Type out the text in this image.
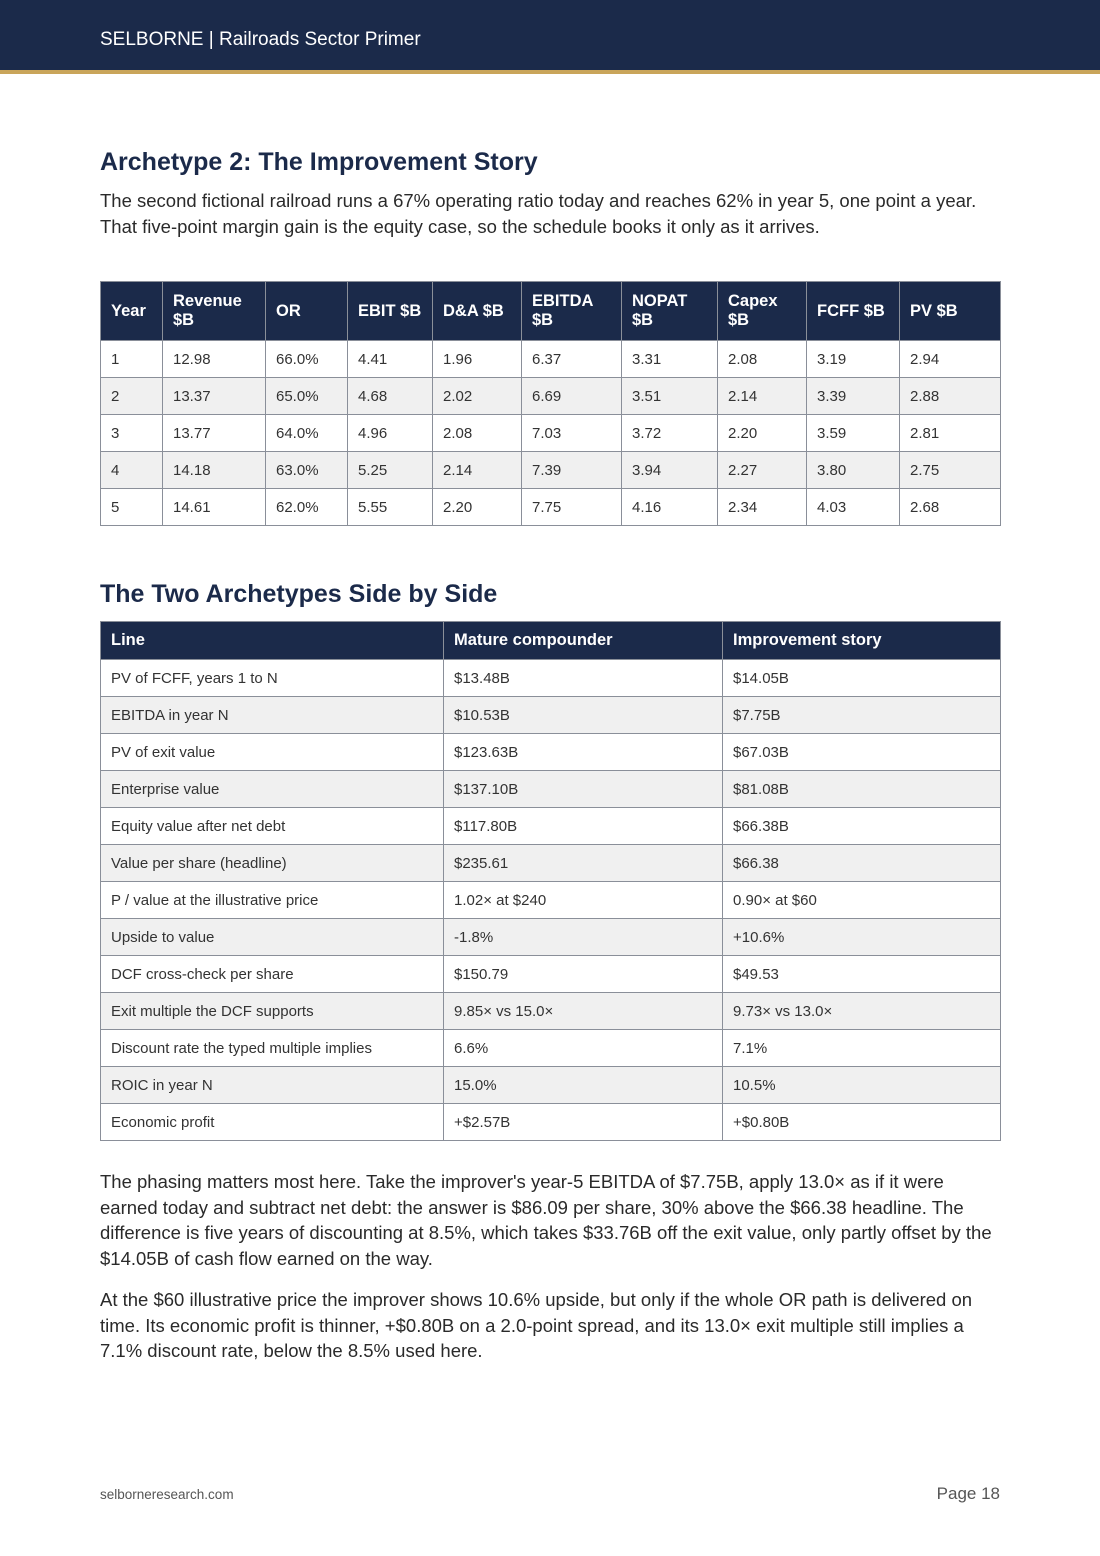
SELBORNE | Railroads Sector Primer
Archetype 2: The Improvement Story

The second fictional railroad runs a 67% operating ratio today and reaches 62% in year 5, one point a year. That five-point margin gain is the equity case, so the schedule books it only as it arrives.

Year	Revenue $B	OR	EBIT $B	D&A $B	EBITDA $B	NOPAT $B	Capex $B	FCFF $B	PV $B
1	12.98	66.0%	4.41	1.96	6.37	3.31	2.08	3.19	2.94
2	13.37	65.0%	4.68	2.02	6.69	3.51	2.14	3.39	2.88
3	13.77	64.0%	4.96	2.08	7.03	3.72	2.20	3.59	2.81
4	14.18	63.0%	5.25	2.14	7.39	3.94	2.27	3.80	2.75
5	14.61	62.0%	5.55	2.20	7.75	4.16	2.34	4.03	2.68
The Two Archetypes Side by Side
Line	Mature compounder	Improvement story
PV of FCFF, years 1 to N	$13.48B	$14.05B
EBITDA in year N	$10.53B	$7.75B
PV of exit value	$123.63B	$67.03B
Enterprise value	$137.10B	$81.08B
Equity value after net debt	$117.80B	$66.38B
Value per share (headline)	$235.61	$66.38
P / value at the illustrative price	1.02× at $240	0.90× at $60
Upside to value	-1.8%	+10.6%
DCF cross-check per share	$150.79	$49.53
Exit multiple the DCF supports	9.85× vs 15.0×	9.73× vs 13.0×
Discount rate the typed multiple implies	6.6%	7.1%
ROIC in year N	15.0%	10.5%
Economic profit	+$2.57B	+$0.80B

The phasing matters most here. Take the improver's year-5 EBITDA of $7.75B, apply 13.0× as if it were earned today and subtract net debt: the answer is $86.09 per share, 30% above the $66.38 headline. The difference is five years of discounting at 8.5%, which takes $33.76B off the exit value, only partly offset by the $14.05B of cash flow earned on the way.

At the $60 illustrative price the improver shows 10.6% upside, but only if the whole OR path is delivered on time. Its economic profit is thinner, +$0.80B on a 2.0-point spread, and its 13.0× exit multiple still implies a 7.1% discount rate, below the 8.5% used here.

selborneresearch.com	Page 18
